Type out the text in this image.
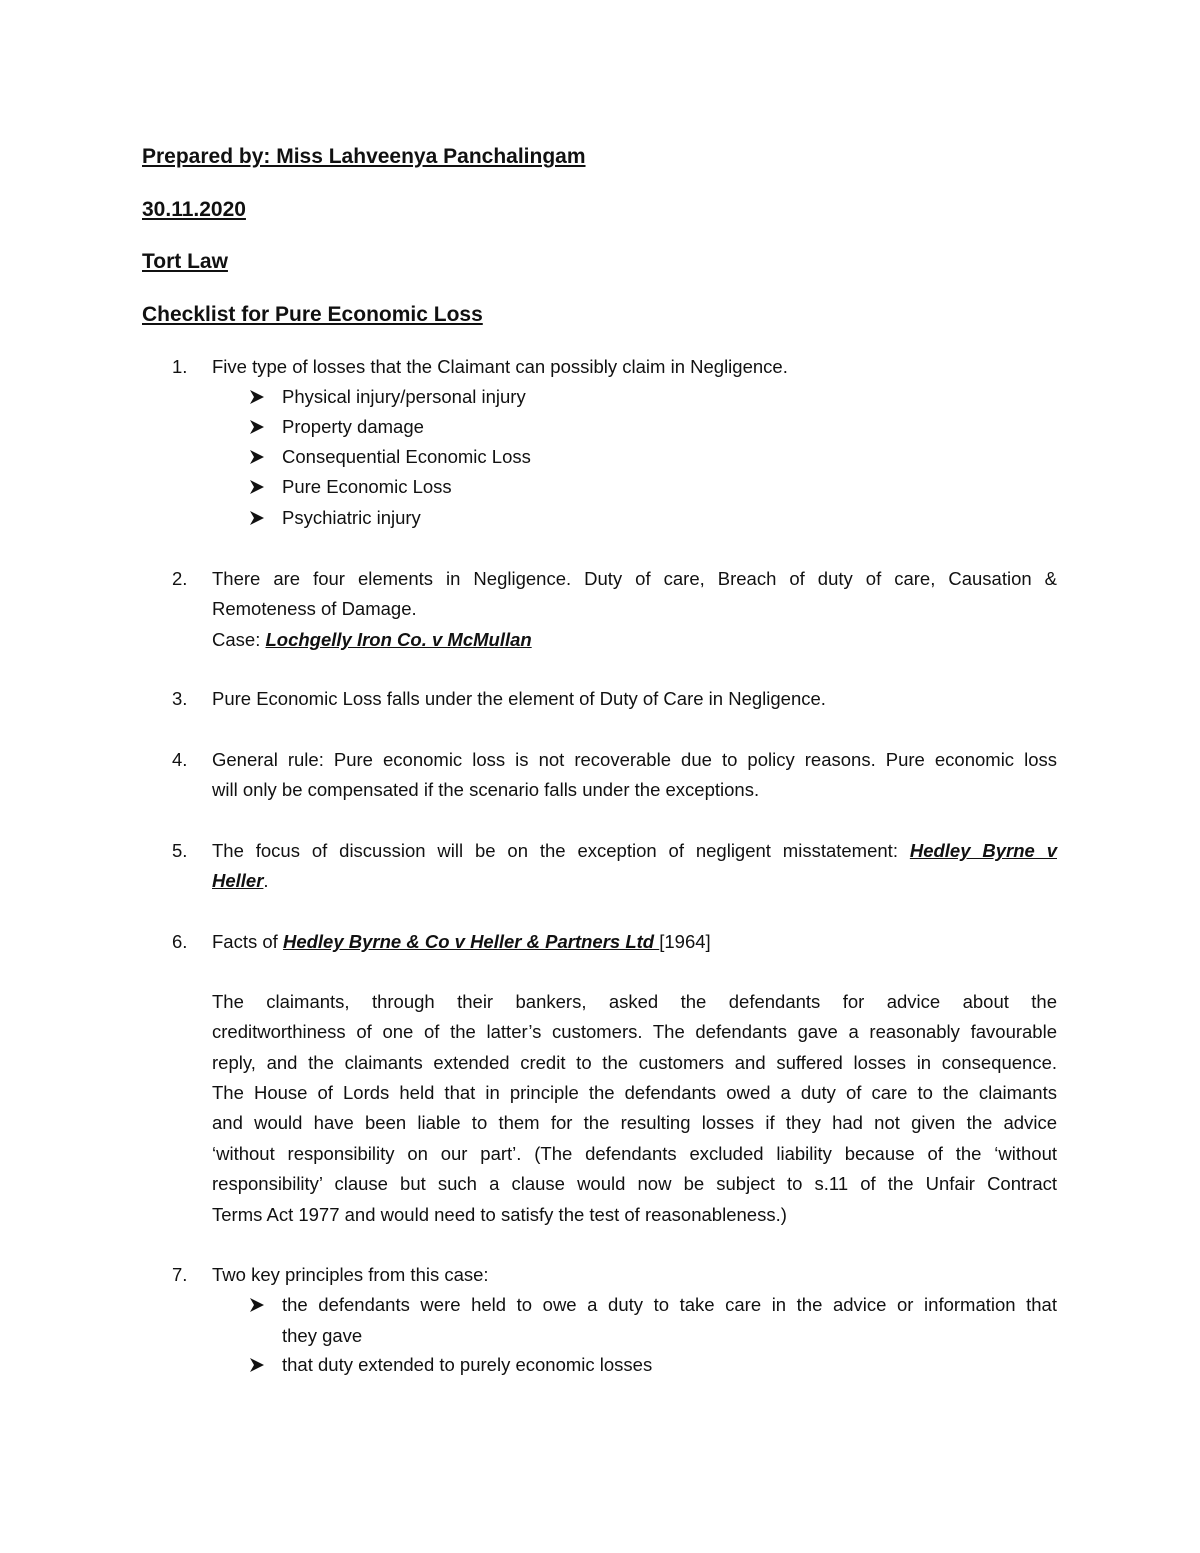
Prepared by: Miss Lahveenya Panchalingam
30.11.2020
Tort Law
Checklist for Pure Economic Loss
1. Five type of losses that the Claimant can possibly claim in Negligence.
Physical injury/personal injury
Property damage
Consequential Economic Loss
Pure Economic Loss
Psychiatric injury
2. There are four elements in Negligence. Duty of care, Breach of duty of care, Causation &
Remoteness of Damage.
Case: Lochgelly Iron Co. v McMullan
3. Pure Economic Loss falls under the element of Duty of Care in Negligence.
4. General rule: Pure economic loss is not recoverable due to policy reasons. Pure economic loss
will only be compensated if the scenario falls under the exceptions.
5. The focus of discussion will be on the exception of negligent misstatement: Hedley Byrne v
Heller.
6. Facts of Hedley Byrne & Co v Heller & Partners Ltd [1964]
The claimants, through their bankers, asked the defendants for advice about the
creditworthiness of one of the latter’s customers. The defendants gave a reasonably favourable
reply, and the claimants extended credit to the customers and suffered losses in consequence.
The House of Lords held that in principle the defendants owed a duty of care to the claimants
and would have been liable to them for the resulting losses if they had not given the advice
‘without responsibility on our part’. (The defendants excluded liability because of the ‘without
responsibility’ clause but such a clause would now be subject to s.11 of the Unfair Contract
Terms Act 1977 and would need to satisfy the test of reasonableness.)
7. Two key principles from this case:
the defendants were held to owe a duty to take care in the advice or information that
they gave
that duty extended to purely economic losses
